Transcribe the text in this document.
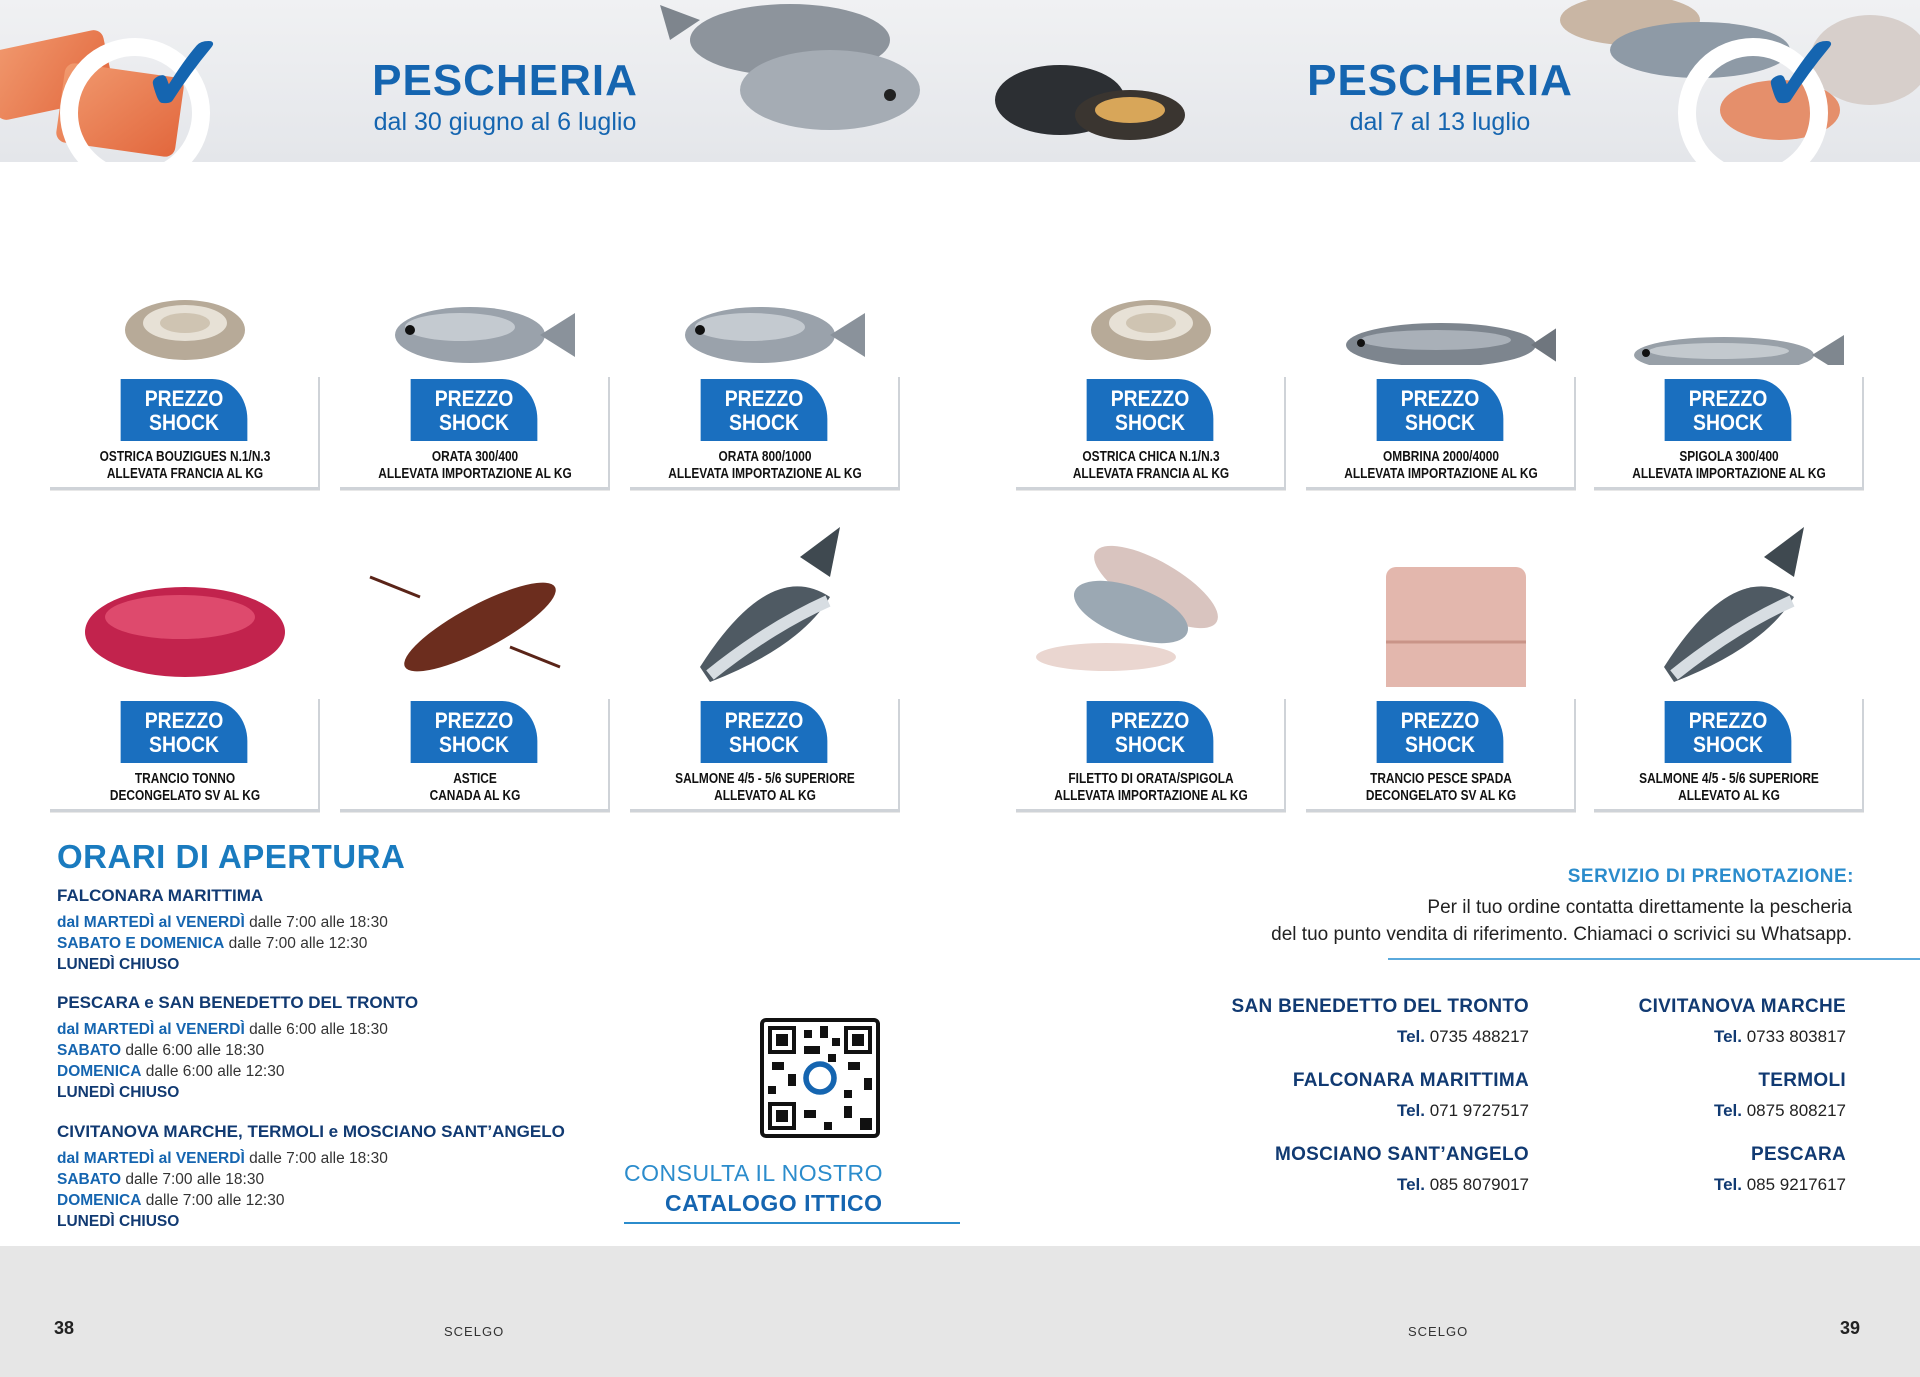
✓	PESCHERIA
dal 30 giugno al 6 luglio
PESCHERIA
dal 7 al 13 luglio	✓
PREZZO
SHOCK
OSTRICA BOUZIGUES N.1/N.3
ALLEVATA FRANCIA AL KG
PREZZO
SHOCK
ORATA 300/400
ALLEVATA IMPORTAZIONE AL KG
PREZZO
SHOCK
ORATA 800/1000
ALLEVATA IMPORTAZIONE AL KG
PREZZO
SHOCK
OSTRICA CHICA N.1/N.3
ALLEVATA FRANCIA AL KG
PREZZO
SHOCK
OMBRINA 2000/4000
ALLEVATA IMPORTAZIONE AL KG
PREZZO
SHOCK
SPIGOLA 300/400
ALLEVATA IMPORTAZIONE AL KG
PREZZO
SHOCK
TRANCIO TONNO
DECONGELATO SV AL KG
PREZZO
SHOCK
ASTICE
CANADA AL KG
PREZZO
SHOCK
SALMONE 4/5 - 5/6 SUPERIORE
ALLEVATO AL KG
PREZZO
SHOCK
FILETTO DI ORATA/SPIGOLA
ALLEVATA IMPORTAZIONE AL KG
PREZZO
SHOCK
TRANCIO PESCE SPADA
DECONGELATO SV AL KG
PREZZO
SHOCK
SALMONE 4/5 - 5/6 SUPERIORE
ALLEVATO AL KG
ORARI DI APERTURA
FALCONARA MARITTIMA
dal MARTEDÌ al VENERDÌ dalle 7:00 alle 18:30
SABATO E DOMENICA dalle 7:00 alle 12:30
LUNEDÌ CHIUSO
PESCARA e SAN BENEDETTO DEL TRONTO
dal MARTEDÌ al VENERDÌ dalle 6:00 alle 18:30
SABATO dalle 6:00 alle 18:30
DOMENICA dalle 6:00 alle 12:30
LUNEDÌ CHIUSO
CIVITANOVA MARCHE, TERMOLI e MOSCIANO SANT’ANGELO
dal MARTEDÌ al VENERDÌ dalle 7:00 alle 18:30
SABATO dalle 7:00 alle 18:30
DOMENICA dalle 7:00 alle 12:30
LUNEDÌ CHIUSO
CONSULTA IL NOSTRO
CATALOGO ITTICO
SERVIZIO DI PRENOTAZIONE:
Per il tuo ordine contatta direttamente la pescheria
del tuo punto vendita di riferimento. Chiamaci o scrivici su Whatsapp.
SAN BENEDETTO DEL TRONTO
Tel. 0735 488217
CIVITANOVA MARCHE
Tel. 0733 803817
FALCONARA MARITTIMA
Tel. 071 9727517
TERMOLI
Tel. 0875 808217
MOSCIANO SANT’ANGELO
Tel. 085 8079017
PESCARA
Tel. 085 9217617
38	SCELGO	SCELGO	39
